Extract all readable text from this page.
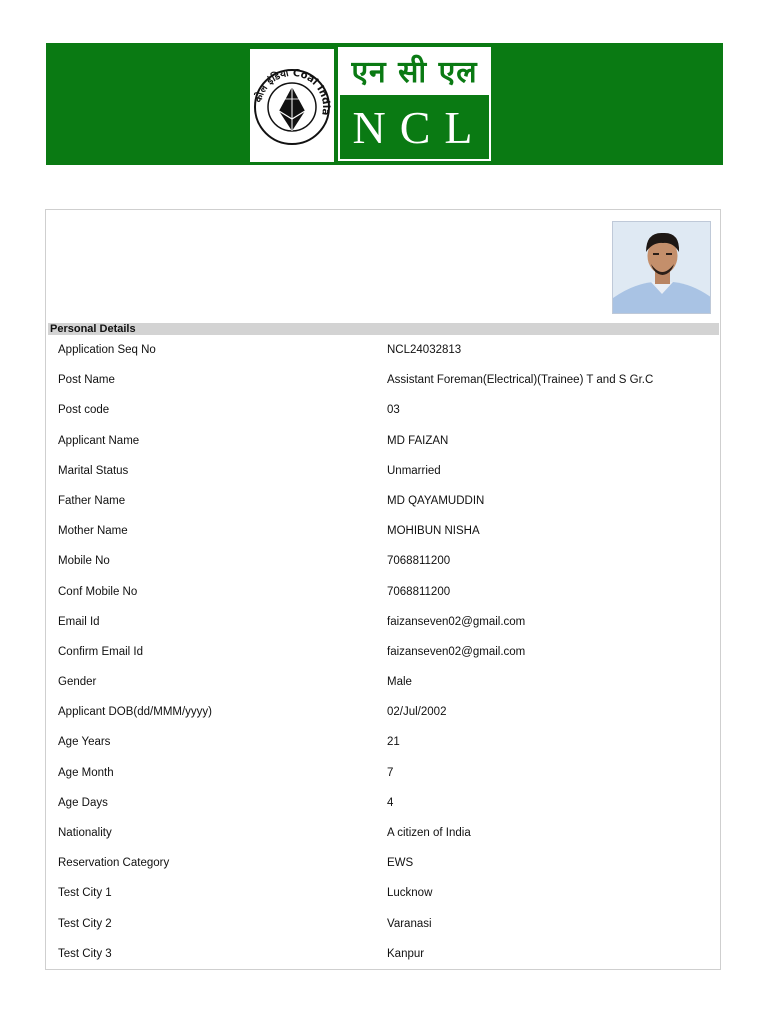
कोल इंडिया Coal India
एन सी एल
NCL
Personal Details
Application Seq No	NCL24032813
Post Name	Assistant Foreman(Electrical)(Trainee) T and S Gr.C
Post code	03
Applicant Name	MD FAIZAN
Marital Status	Unmarried
Father Name	MD QAYAMUDDIN
Mother Name	MOHIBUN NISHA
Mobile No	7068811200
Conf Mobile No	7068811200
Email Id	faizanseven02@gmail.com
Confirm Email Id	faizanseven02@gmail.com
Gender	Male
Applicant DOB(dd/MMM/yyyy)	02/Jul/2002
Age Years	21
Age Month	7
Age Days	4
Nationality	A citizen of India
Reservation Category	EWS
Test City 1	Lucknow
Test City 2	Varanasi
Test City 3	Kanpur
